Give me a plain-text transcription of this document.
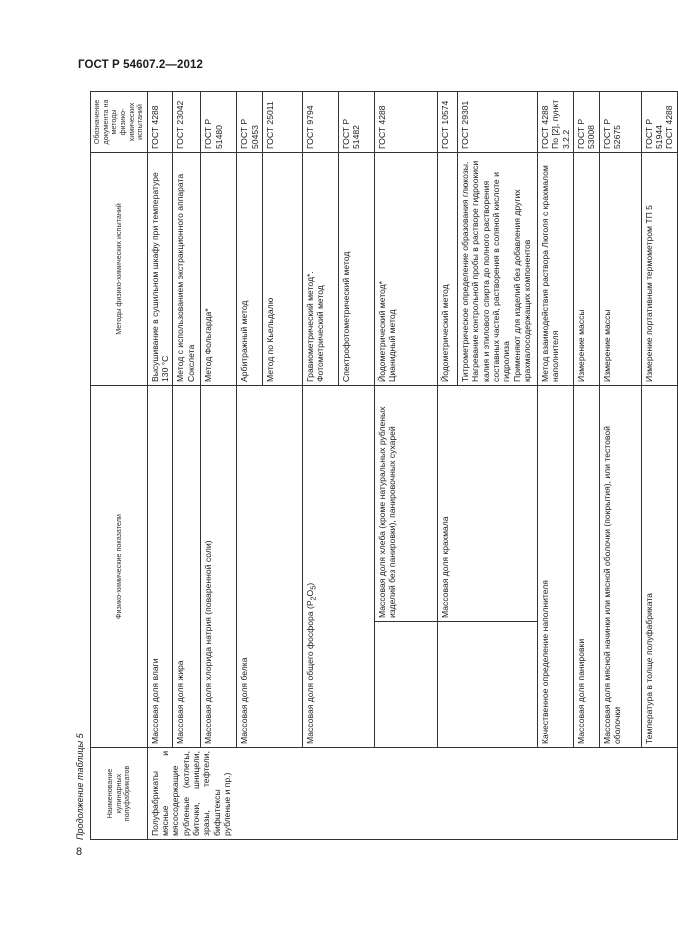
ГОСТ Р 54607.2—2012
Продолжение таблицы 5	Наименование кулинарных полуфабрикатов	Физико-химические показатели		Методы физико-химических испытаний	Обозначение документа на методы физико-химических испытаний
Полуфабрикаты мясные и мясосодержащие рубленые (котлеты, биточки, шницели, зразы, тефтели, бифштексы рубленые и пр.)	Массовая доля влаги		Высушивание в сушильном шкафу при температуре 130 °С	ГОСТ 4288
	Массовая доля жира		Метод с использованием экстракционного аппарата Сокслета	ГОСТ 23042
	Массовая доля хлорида натрия (поваренной соли)		Метод Фольгарда*	ГОСТ Р 51480
	Массовая доля белка		Арбитражный метод	ГОСТ Р 50453
			Метод по Кьельдалю	ГОСТ 25011
	Массовая доля общего фосфора $(Р_2О_5)$		Гравиометрический метод*. Фотометрический метод	ГОСТ 9794
			Спектрофотометрический метод	ГОСТ Р 51482
		Массовая доля хлеба (кроме натуральных рубленых изделий без панировки), панировочных сухарей	Йодометрический метод* Цианидный метод	ГОСТ 4288
		Массовая доля крахмала	Йодометрический метод	ГОСТ 10574

			Титрометрическое определение образования глюкозы. Нагревание контрольной пробы в растворе гидроокиси калия и этилового спирта до полного растворения составных частей, растворения в соляной кислоте и гидролиза Применяют для изделий без добавления других крахмалосодержащих компонентов	ГОСТ 29301
	Качественное определение наполнителя		Метод взаимодействия раствора Люголя с крахмалом наполнителя	ГОСТ 4288 По [2], пункт 3.2.2
	Массовая доля панировки		Измерение массы	ГОСТ Р 53008
	Массовая доля мясной начинки или мясной оболочки (покрытия), или тестовой оболочки		Измерение массы	ГОСТ Р 52675
	Температура в толще полуфабриката		Измерение портативным термометром ТП 5	ГОСТ Р 51944 ГОСТ 4288
8
